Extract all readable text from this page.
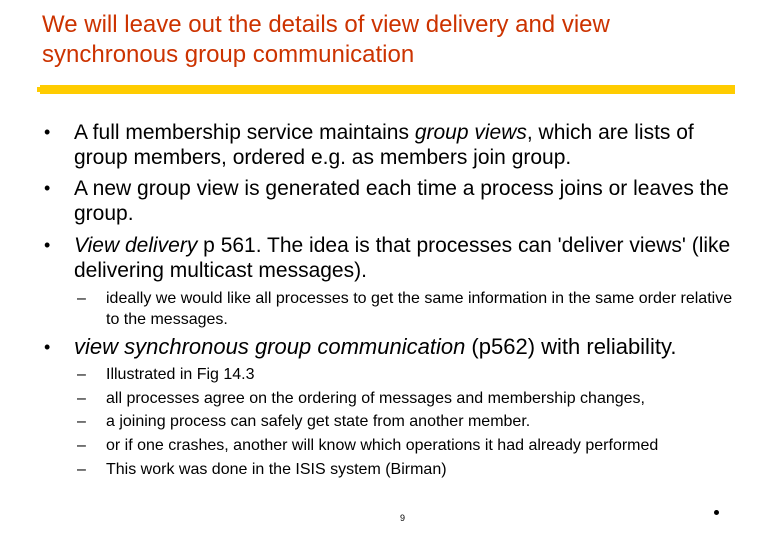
We will leave out the details of view delivery and view synchronous group communication
•	A full membership service maintains group views, which are lists of group members, ordered e.g. as members join group.
•	A new group view is generated each time a process joins or leaves the group.
•	View delivery p 561. The idea is that processes can 'deliver views' (like delivering multicast messages).
– ideally we would like all processes to get the same information in the same order relative to the messages.
•	view synchronous group communication (p562) with reliability.
– Illustrated in Fig 14.3
– all processes agree on the ordering of messages and membership changes,
– a joining process can safely get state from another member.
– or if one crashes, another will know which operations it had already performed
– This work was done in the ISIS system (Birman)
9
